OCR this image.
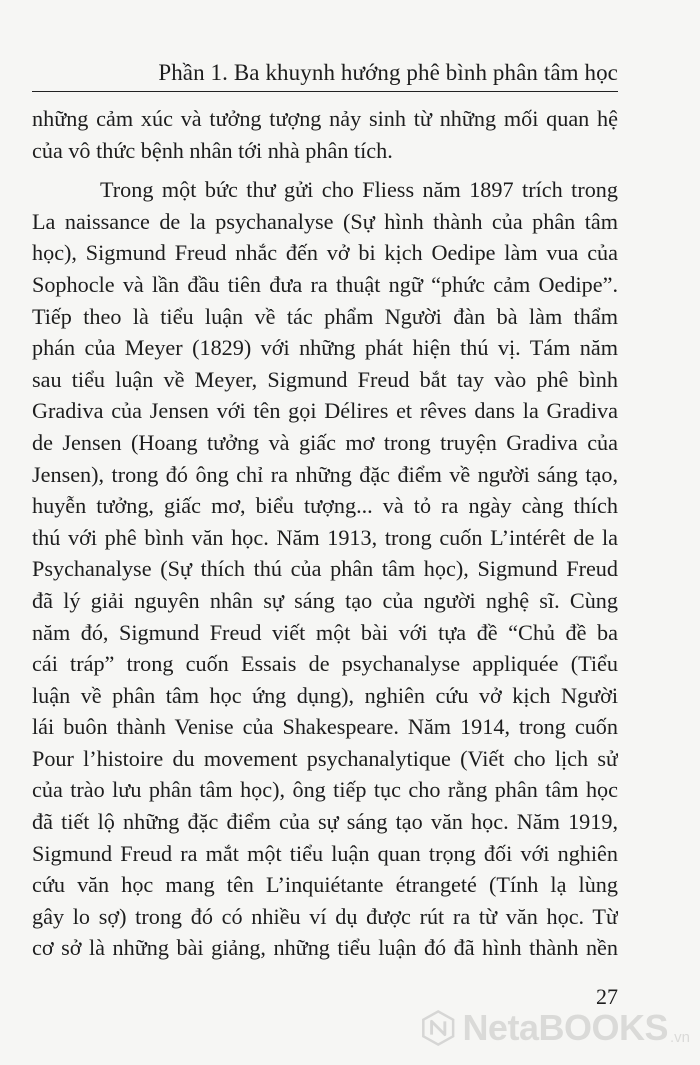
Phần 1. Ba khuynh hướng phê bình phân tâm học
những cảm xúc và tưởng tượng nảy sinh từ những mối quan hệ
của vô thức bệnh nhân tới nhà phân tích.
Trong một bức thư gửi cho Fliess năm 1897 trích trong
La naissance de la psychanalyse (Sự hình thành của phân tâm
học), Sigmund Freud nhắc đến vở bi kịch Oedipe làm vua của
Sophocle và lần đầu tiên đưa ra thuật ngữ “phức cảm Oedipe”.
Tiếp theo là tiểu luận về tác phẩm Người đàn bà làm thẩm
phán của Meyer (1829) với những phát hiện thú vị. Tám năm
sau tiểu luận về Meyer, Sigmund Freud bắt tay vào phê bình
Gradiva của Jensen với tên gọi Délires et rêves dans la Gradiva
de Jensen (Hoang tưởng và giấc mơ trong truyện Gradiva của
Jensen), trong đó ông chỉ ra những đặc điểm về người sáng tạo,
huyễn tưởng, giấc mơ, biểu tượng... và tỏ ra ngày càng thích
thú với phê bình văn học. Năm 1913, trong cuốn L’intérêt de la
Psychanalyse (Sự thích thú của phân tâm học), Sigmund Freud
đã lý giải nguyên nhân sự sáng tạo của người nghệ sĩ. Cùng
năm đó, Sigmund Freud viết một bài với tựa đề “Chủ đề ba
cái tráp” trong cuốn Essais de psychanalyse appliquée (Tiểu
luận về phân tâm học ứng dụng), nghiên cứu vở kịch Người
lái buôn thành Venise của Shakespeare. Năm 1914, trong cuốn
Pour l’histoire du movement psychanalytique (Viết cho lịch sử
của trào lưu phân tâm học), ông tiếp tục cho rằng phân tâm học
đã tiết lộ những đặc điểm của sự sáng tạo văn học. Năm 1919,
Sigmund Freud ra mắt một tiểu luận quan trọng đối với nghiên
cứu văn học mang tên L’inquiétante étrangeté (Tính lạ lùng
gây lo sợ) trong đó có nhiều ví dụ được rút ra từ văn học. Từ
cơ sở là những bài giảng, những tiểu luận đó đã hình thành nền
27
NetaBOOKS .vn
